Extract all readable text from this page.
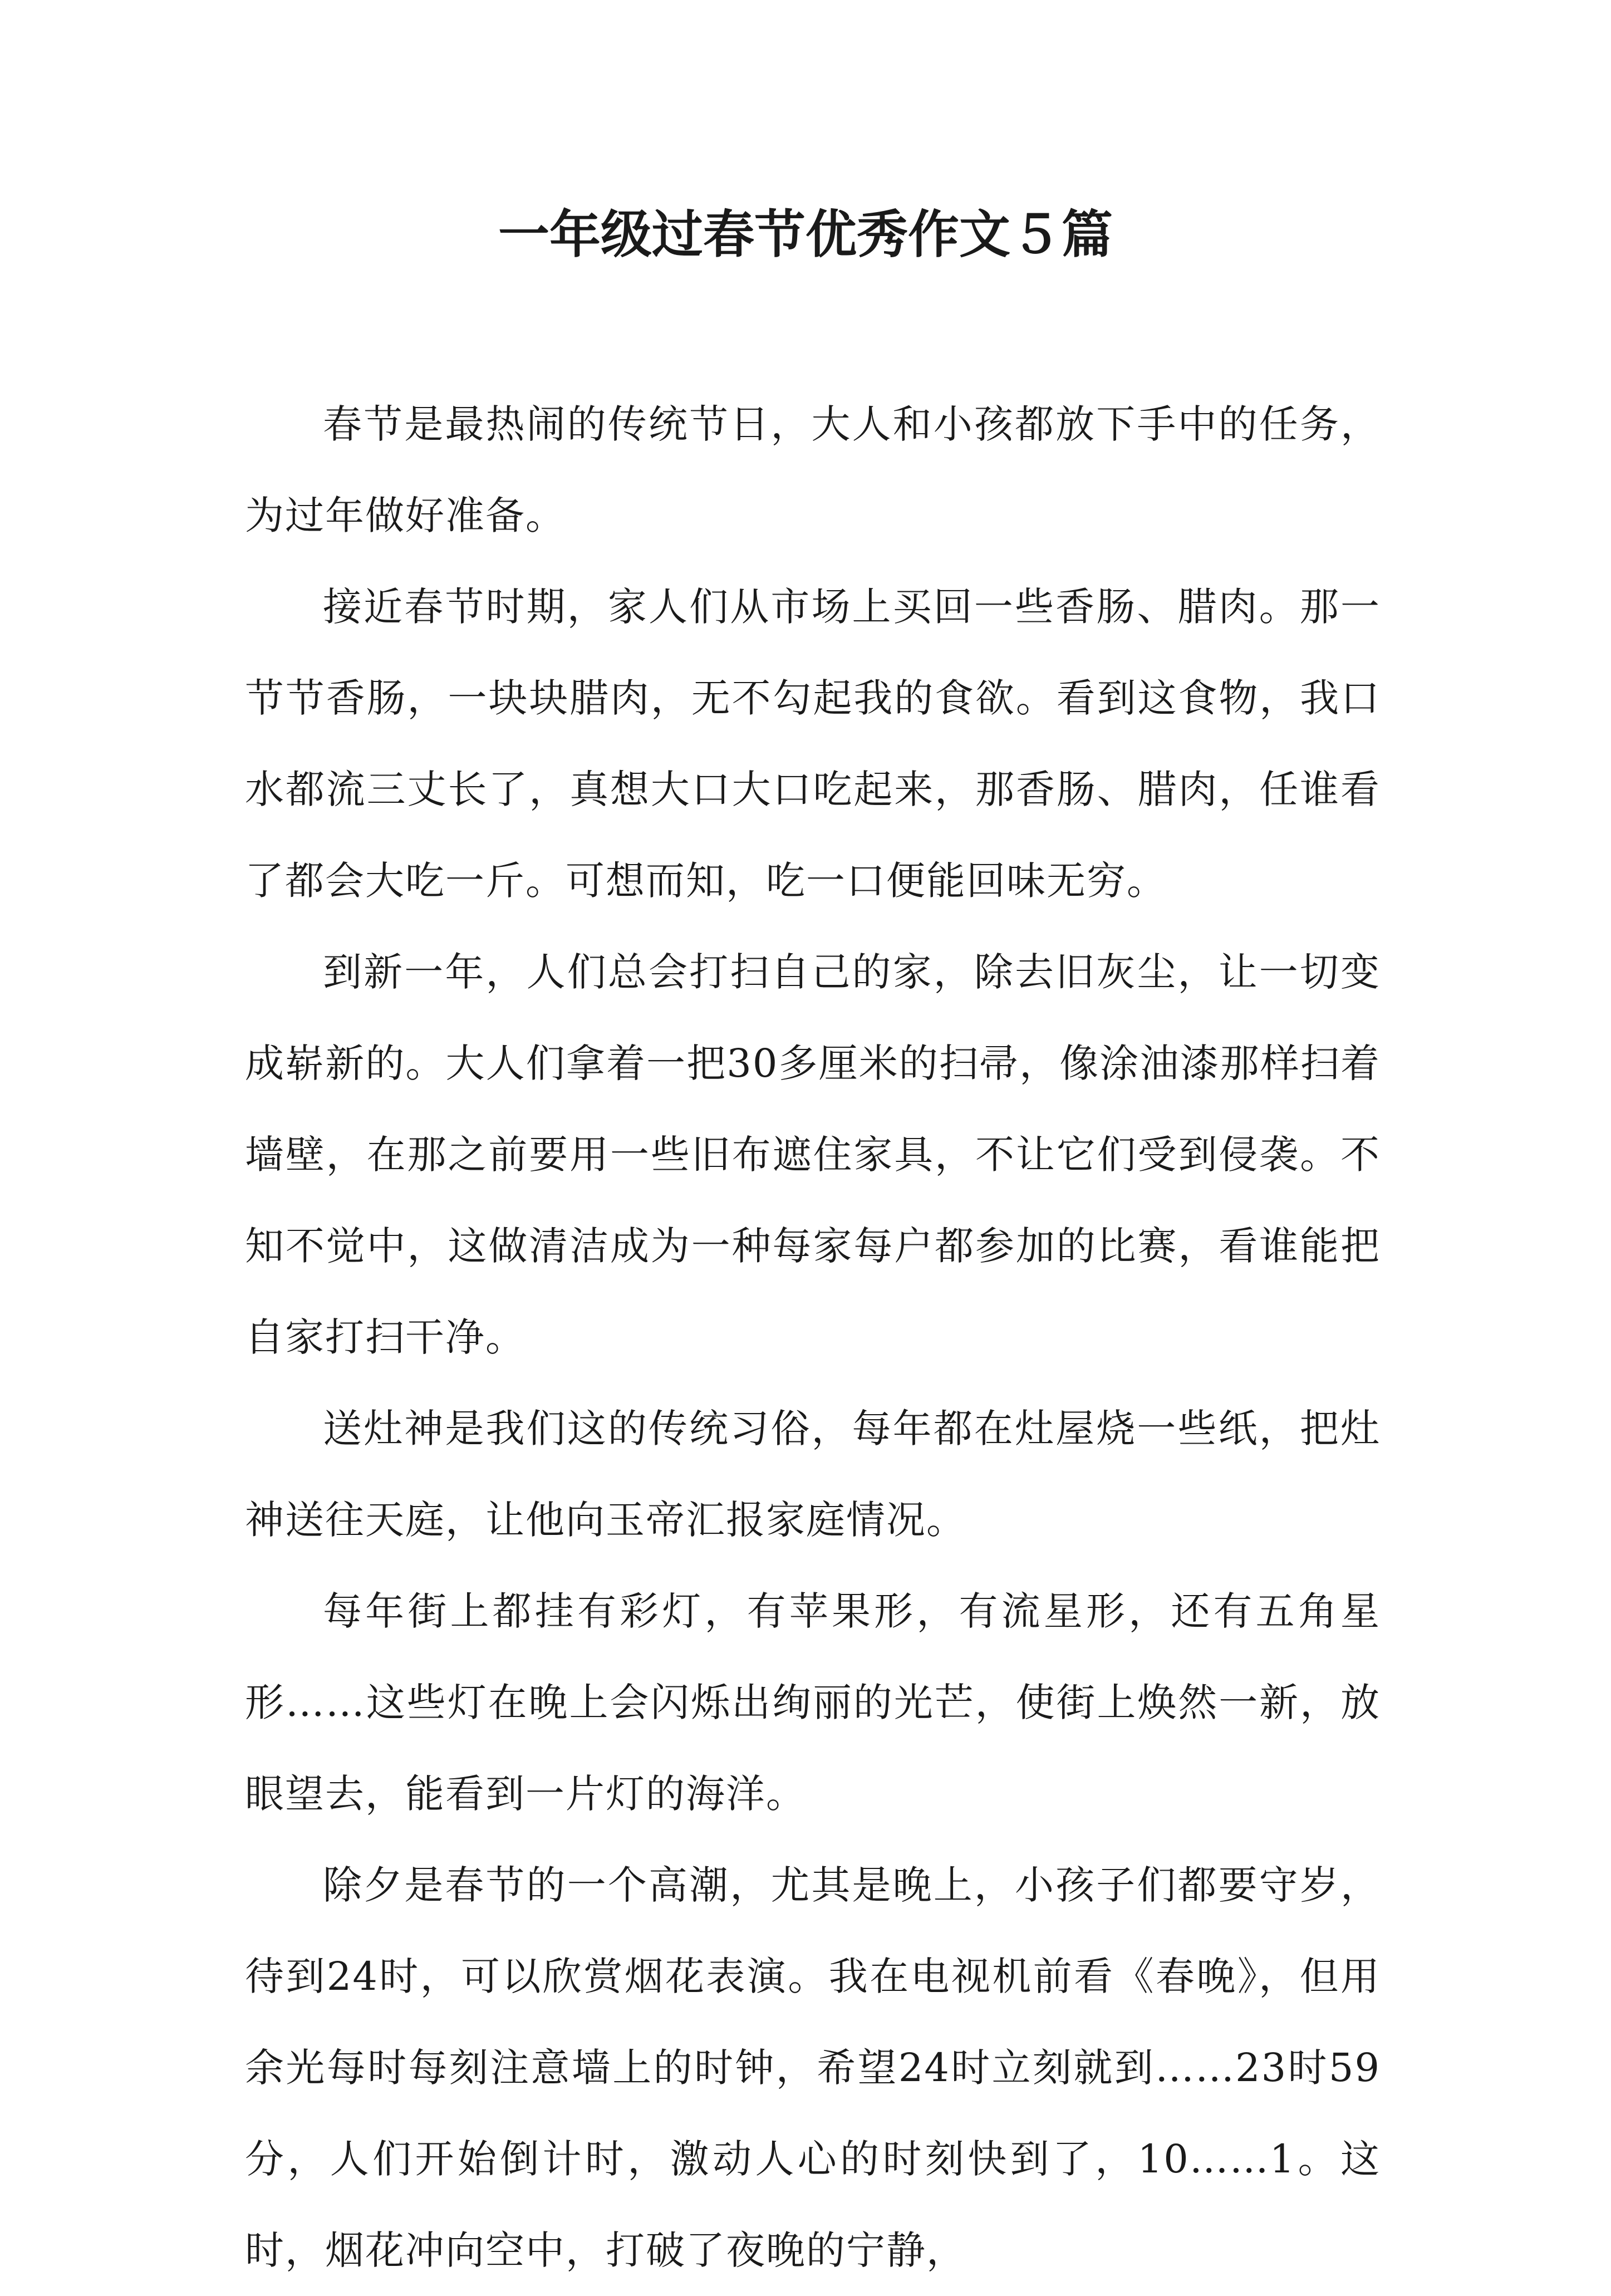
一年级过春节优秀作文５篇

春节是最热闹的传统节日，大人和小孩都放下手中的任务，为过年做好准备。

接近春节时期，家人们从市场上买回一些香肠、腊肉。那一节节香肠，一块块腊肉，无不勾起我的食欲。看到这食物，我口水都流三丈长了，真想大口大口吃起来，那香肠、腊肉，任谁看了都会大吃一斤。可想而知，吃一口便能回味无穷。

到新一年，人们总会打扫自己的家，除去旧灰尘，让一切变成崭新的。大人们拿着一把30多厘米的扫帚，像涂油漆那样扫着墙壁，在那之前要用一些旧布遮住家具，不让它们受到侵袭。不知不觉中，这做清洁成为一种每家每户都参加的比赛，看谁能把自家打扫干净。

送灶神是我们这的传统习俗，每年都在灶屋烧一些纸，把灶神送往天庭，让他向玉帝汇报家庭情况。

每年街上都挂有彩灯，有苹果形，有流星形，还有五角星形……这些灯在晚上会闪烁出绚丽的光芒，使街上焕然一新，放眼望去，能看到一片灯的海洋。

除夕是春节的一个高潮，尤其是晚上，小孩子们都要守岁，待到24时，可以欣赏烟花表演。我在电视机前看《春晚》，但用余光每时每刻注意墙上的时钟，希望24时立刻就到……23时59分，人们开始倒计时，激动人心的时刻快到了，10……1。这时，烟花冲向空中，打破了夜晚的宁静，
